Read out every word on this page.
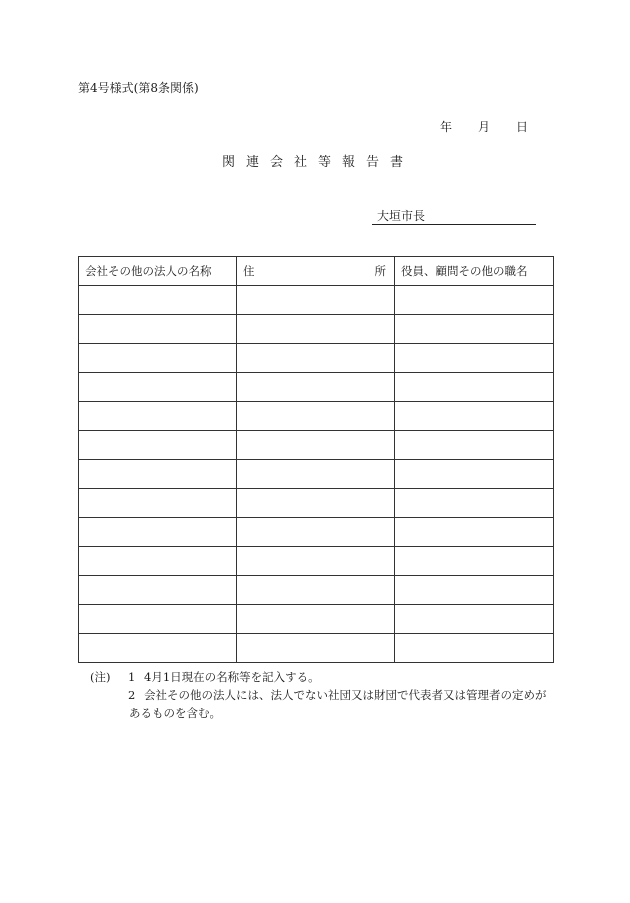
第4号様式(第8条関係)
年 月 日
関連会社等報告書
大垣市長
会社その他の法人の名称	住 所	役員、顧問その他の職名

(注)	1 4月1日現在の名称等を記入する。
2 会社その他の法人には、法人でない社団又は財団で代表者又は管理者の定めが
あるものを含む。
